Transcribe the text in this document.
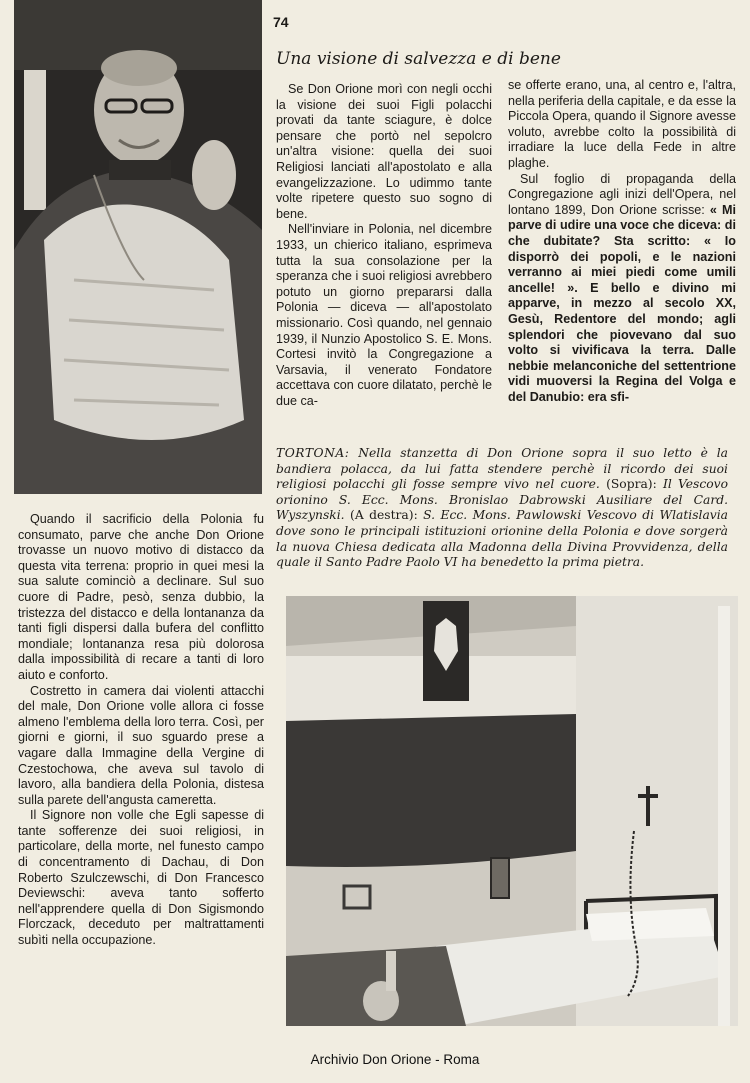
74
Una visione di salvezza e di bene

Se Don Orione morì con negli occhi la visione dei suoi Figli polacchi provati da tante sciagure, è dolce pensare che portò nel sepolcro un'altra visione: quella dei suoi Religiosi lanciati all'apostolato e alla evangelizzazione. Lo udimmo tante volte ripetere questo suo sogno di bene.

Nell'inviare in Polonia, nel dicembre 1933, un chierico italiano, esprimeva tutta la sua consolazione per la speranza che i suoi religiosi avrebbero potuto un giorno prepararsi dalla Polonia — diceva — all'apostolato missionario. Così quando, nel gennaio 1939, il Nunzio Apostolico S. E. Mons. Cortesi invitò la Congregazione a Varsavia, il venerato Fondatore accettava con cuore dilatato, perchè le due ca-

se offerte erano, una, al centro e, l'altra, nella periferia della capitale, e da esse la Piccola Opera, quando il Signore avesse voluto, avrebbe colto la possibilità di irradiare la luce della Fede in altre plaghe.

Sul foglio di propaganda della Congregazione agli inizi dell'Opera, nel lontano 1899, Don Orione scrisse: « Mi parve di udire una voce che diceva: di che dubitate? Sta scritto: « Io disporrò dei popoli, e le nazioni verranno ai miei piedi come umili ancelle! ». E bello e divino mi apparve, in mezzo al secolo XX, Gesù, Redentore del mondo; agli splendori che piovevano dal suo volto si vivificava la terra. Dalle nebbie melanconiche del settentrione vidi muoversi la Regina del Volga e del Danubio: era sfi-

TORTONA: Nella stanzetta di Don Orione sopra il suo letto è la bandiera polacca, da lui fatta stendere perchè il ricordo dei suoi religiosi polacchi gli fosse sempre vivo nel cuore. (Sopra): Il Vescovo orionino S. Ecc. Mons. Bronislao Dabrowski Ausiliare del Card. Wyszynski. (A destra): S. Ecc. Mons. Pawlowski Vescovo di Wlatislavia dove sono le principali istituzioni orionine della Polonia e dove sorgerà la nuova Chiesa dedicata alla Madonna della Divina Provvidenza, della quale il Santo Padre Paolo VI ha benedetto la prima pietra.

Quando il sacrificio della Polonia fu consumato, parve che anche Don Orione trovasse un nuovo motivo di distacco da questa vita terrena: proprio in quei mesi la sua salute cominciò a declinare. Sul suo cuore di Padre, pesò, senza dubbio, la tristezza del distacco e della lontananza da tanti figli dispersi dalla bufera del conflitto mondiale; lontananza resa più dolorosa dalla impossibilità di recare a tanti di loro aiuto e conforto.

Costretto in camera dai violenti attacchi del male, Don Orione volle allora ci fosse almeno l'emblema della loro terra. Così, per giorni e giorni, il suo sguardo prese a vagare dalla Immagine della Vergine di Czestochowa, che aveva sul tavolo di lavoro, alla bandiera della Polonia, distesa sulla parete dell'angusta cameretta.

Il Signore non volle che Egli sapesse di tante sofferenze dei suoi religiosi, in particolare, della morte, nel funesto campo di concentramento di Dachau, di Don Roberto Szulczewschi, di Don Francesco Deviewschi: aveva tanto sofferto nell'apprendere quella di Don Sigismondo Florczack, deceduto per maltrattamenti subìti nella occupazione.

Archivio Don Orione - Roma
